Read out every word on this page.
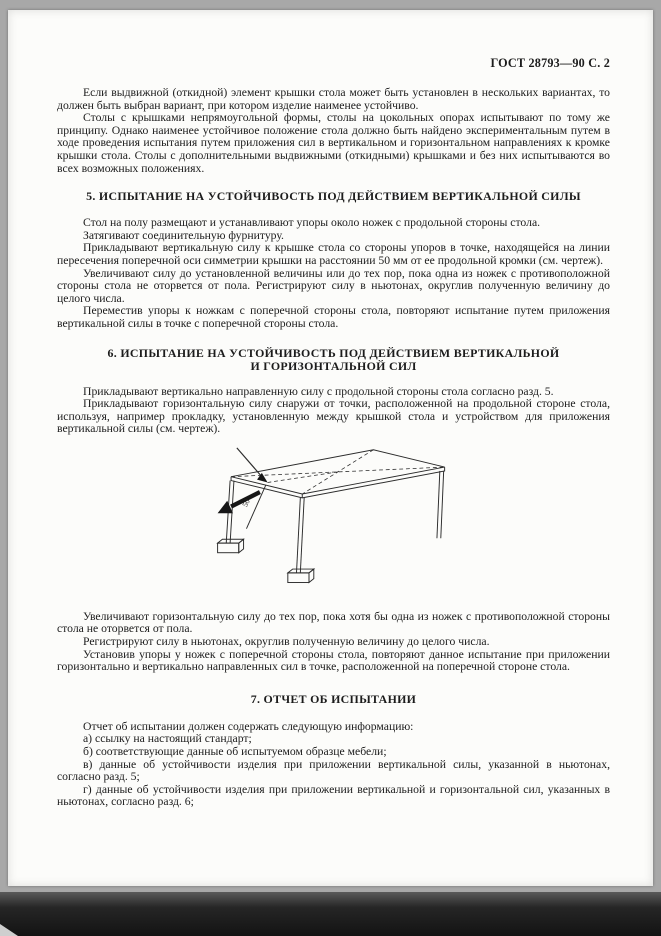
ГОСТ 28793—90 С. 2

Если выдвижной (откидной) элемент крышки стола может быть установлен в нескольких вариантах, то должен быть выбран вариант, при котором изделие наименее устойчиво.

Столы с крышками непрямоугольной формы, столы на цокольных опорах испытывают по тому же принципу. Однако наименее устойчивое положение стола должно быть найдено экспериментальным путем в ходе проведения испытания путем приложения сил в вертикальном и горизонтальном направлениях к кромке крышки стола. Столы с дополнительными выдвижными (откидными) крышками и без них испытываются во всех возможных положениях.

5. ИСПЫТАНИЕ НА УСТОЙЧИВОСТЬ ПОД ДЕЙСТВИЕМ ВЕРТИКАЛЬНОЙ СИЛЫ

Стол на полу размещают и устанавливают упоры около ножек с продольной стороны стола.

Затягивают соединительную фурнитуру.

Прикладывают вертикальную силу к крышке стола со стороны упоров в точке, находящейся на линии пересечения поперечной оси симметрии крышки на расстоянии 50 мм от ее продольной кромки (см. чертеж).

Увеличивают силу до установленной величины или до тех пор, пока одна из ножек с противоположной стороны стола не оторвется от пола. Регистрируют силу в ньютонах, округлив полученную величину до целого числа.

Переместив упоры к ножкам с поперечной стороны стола, повторяют испытание путем приложения вертикальной силы в точке с поперечной стороны стола.

6. ИСПЫТАНИЕ НА УСТОЙЧИВОСТЬ ПОД ДЕЙСТВИЕМ ВЕРТИКАЛЬНОЙ
И ГОРИЗОНТАЛЬНОЙ СИЛ

Прикладывают вертикально направленную силу с продольной стороны стола согласно разд. 5.

Прикладывают горизонтальную силу снаружи от точки, расположенной на продольной стороне стола, используя, например прокладку, установленную между крышкой стола и устройством для приложения вертикальной силы (см. чертеж).

50

Увеличивают горизонтальную силу до тех пор, пока хотя бы одна из ножек с противоположной стороны стола не оторвется от пола.

Регистрируют силу в ньютонах, округлив полученную величину до целого числа.

Установив упоры у ножек с поперечной стороны стола, повторяют данное испытание при приложении горизонтально и вертикально направленных сил в точке, расположенной на поперечной стороне стола.

7. ОТЧЕТ ОБ ИСПЫТАНИИ

Отчет об испытании должен содержать следующую информацию:

а) ссылку на настоящий стандарт;

б) соответствующие данные об испытуемом образце мебели;

в) данные об устойчивости изделия при приложении вертикальной силы, указанной в ньютонах, согласно разд. 5;

г) данные об устойчивости изделия при приложении вертикальной и горизонтальной сил, указанных в ньютонах, согласно разд. 6;
